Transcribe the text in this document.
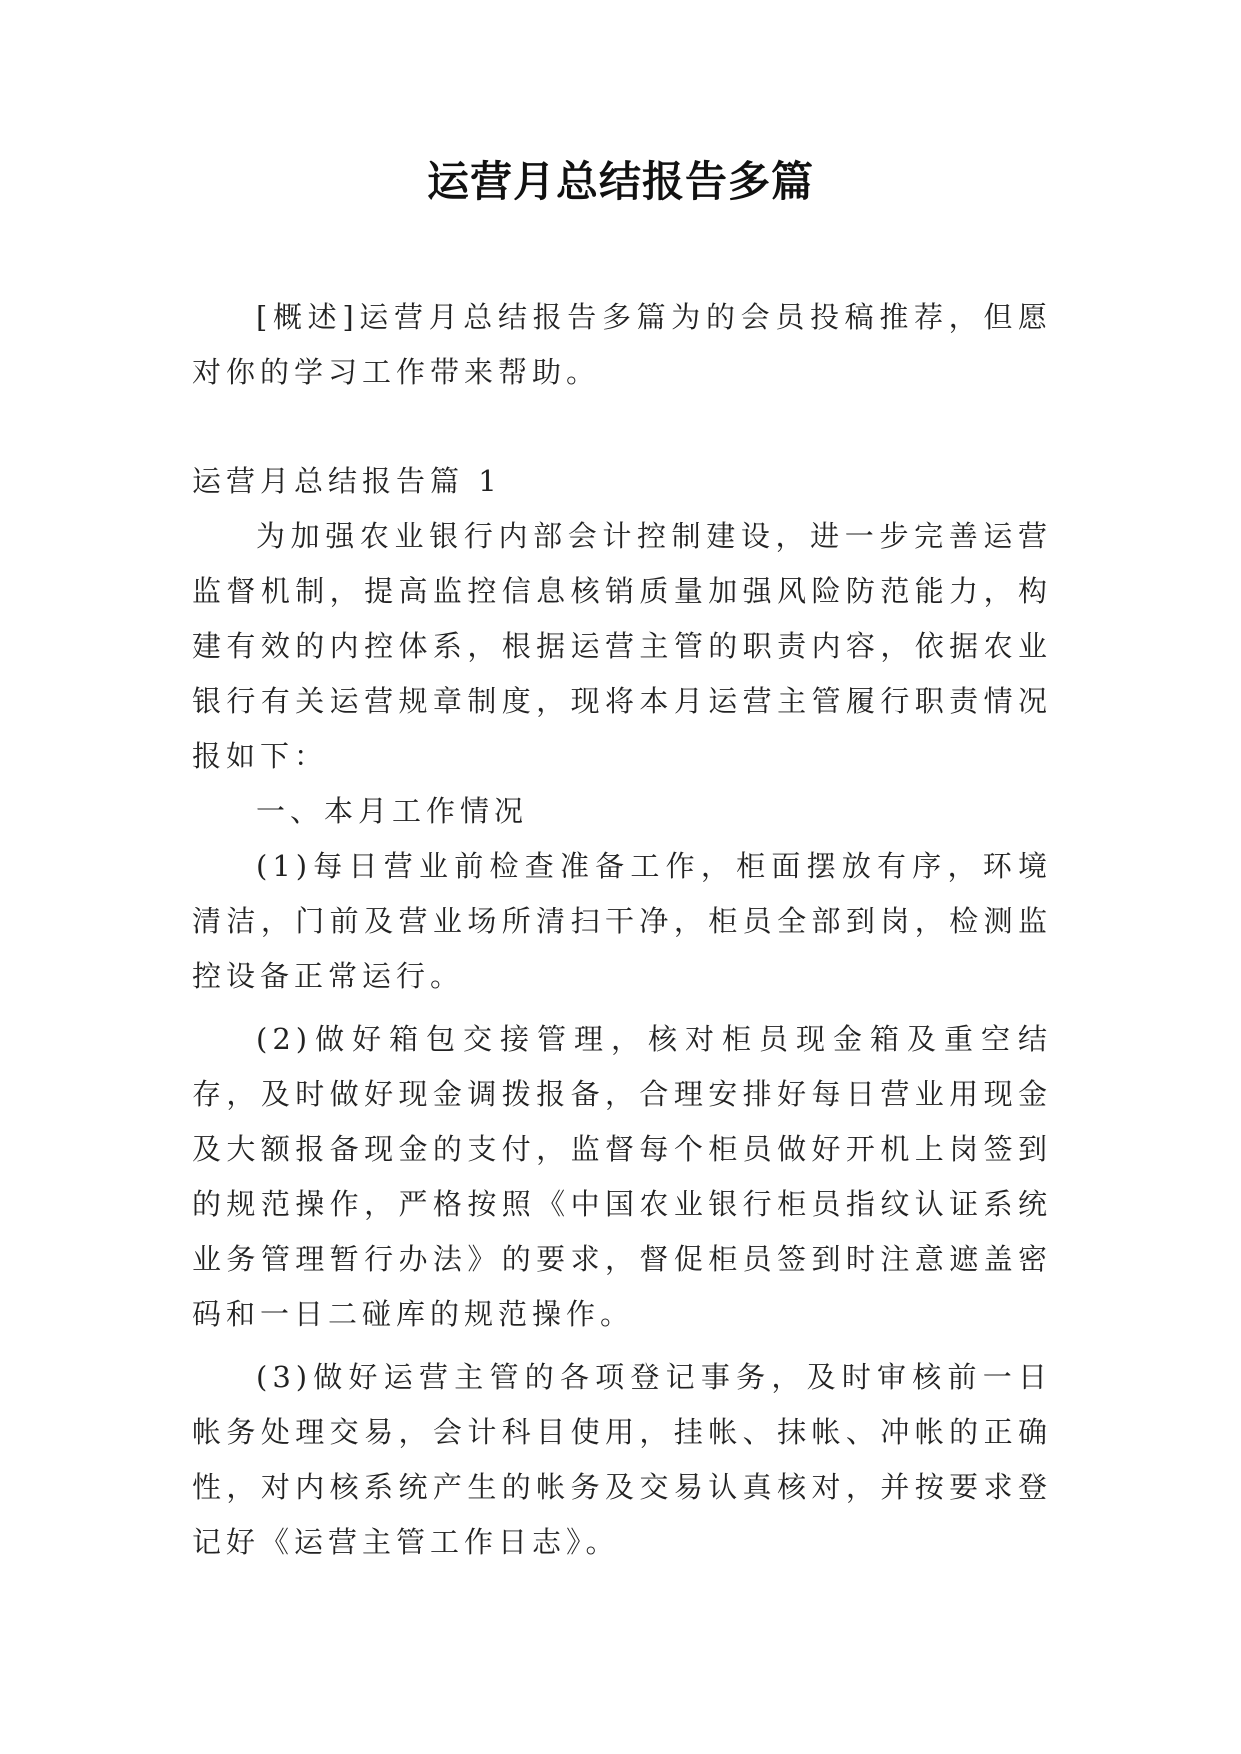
运营月总结报告多篇

[概述]运营月总结报告多篇为的会员投稿推荐，但愿对你的学习工作带来帮助。

运营月总结报告篇 1

为加强农业银行内部会计控制建设，进一步完善运营监督机制，提高监控信息核销质量加强风险防范能力，构建有效的内控体系，根据运营主管的职责内容，依据农业银行有关运营规章制度，现将本月运营主管履行职责情况报如下：

一、本月工作情况

(1)每日营业前检查准备工作，柜面摆放有序，环境清洁，门前及营业场所清扫干净，柜员全部到岗，检测监控设备正常运行。

(2)做好箱包交接管理，核对柜员现金箱及重空结存，及时做好现金调拨报备，合理安排好每日营业用现金及大额报备现金的支付，监督每个柜员做好开机上岗签到的规范操作，严格按照《中国农业银行柜员指纹认证系统业务管理暂行办法》的要求，督促柜员签到时注意遮盖密码和一日二碰库的规范操作。

(3)做好运营主管的各项登记事务，及时审核前一日帐务处理交易，会计科目使用，挂帐、抹帐、冲帐的正确性，对内核系统产生的帐务及交易认真核对，并按要求登记好《运营主管工作日志》。
